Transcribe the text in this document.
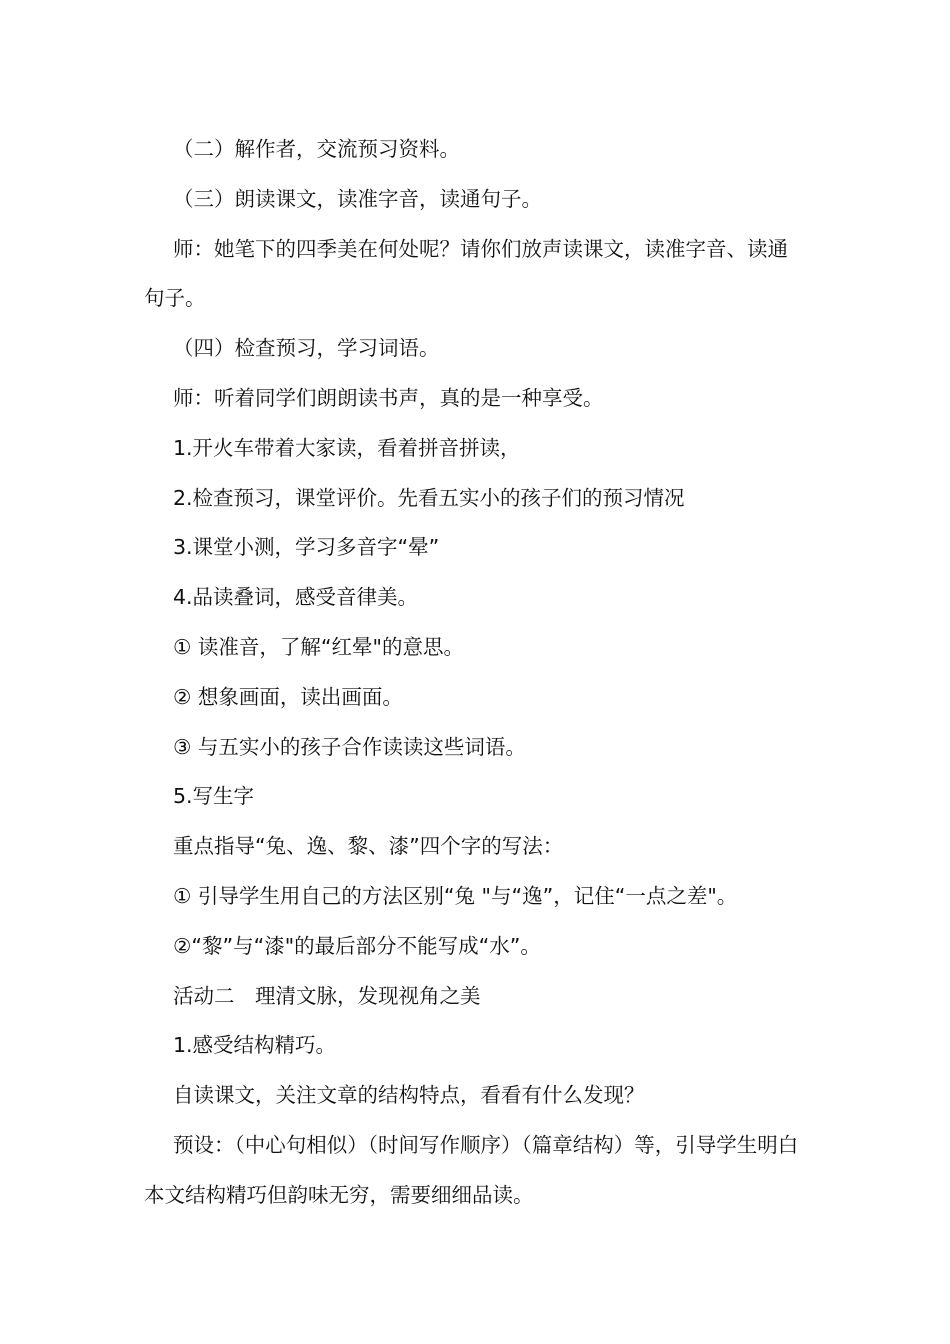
（二）解作者，交流预习资料。

（三）朗读课文，读准字音，读通句子。

师：她笔下的四季美在何处呢？请你们放声读课文，读准字音、读通句子。

（四）检查预习，学习词语。

师：听着同学们朗朗读书声，真的是一种享受。

1.开火车带着大家读，看着拼音拼读，

2.检查预习，课堂评价。先看五实小的孩子们的预习情况

3.课堂小测，学习多音字“晕”

4.品读叠词，感受音律美。

① 读准音，了解“红晕"的意思。

② 想象画面，读出画面。

③ 与五实小的孩子合作读读这些词语。

5.写生字

重点指导“兔、逸、黎、漆”四个字的写法：

① 引导学生用自己的方法区别“兔 "与“逸”，记住“一点之差"。

②“黎”与“漆"的最后部分不能写成“水”。

活动二　理清文脉，发现视角之美

1.感受结构精巧。

自读课文，关注文章的结构特点，看看有什么发现？

预设：（中心句相似）（时间写作顺序）（篇章结构）等，引导学生明白本文结构精巧但韵味无穷，需要细细品读。
